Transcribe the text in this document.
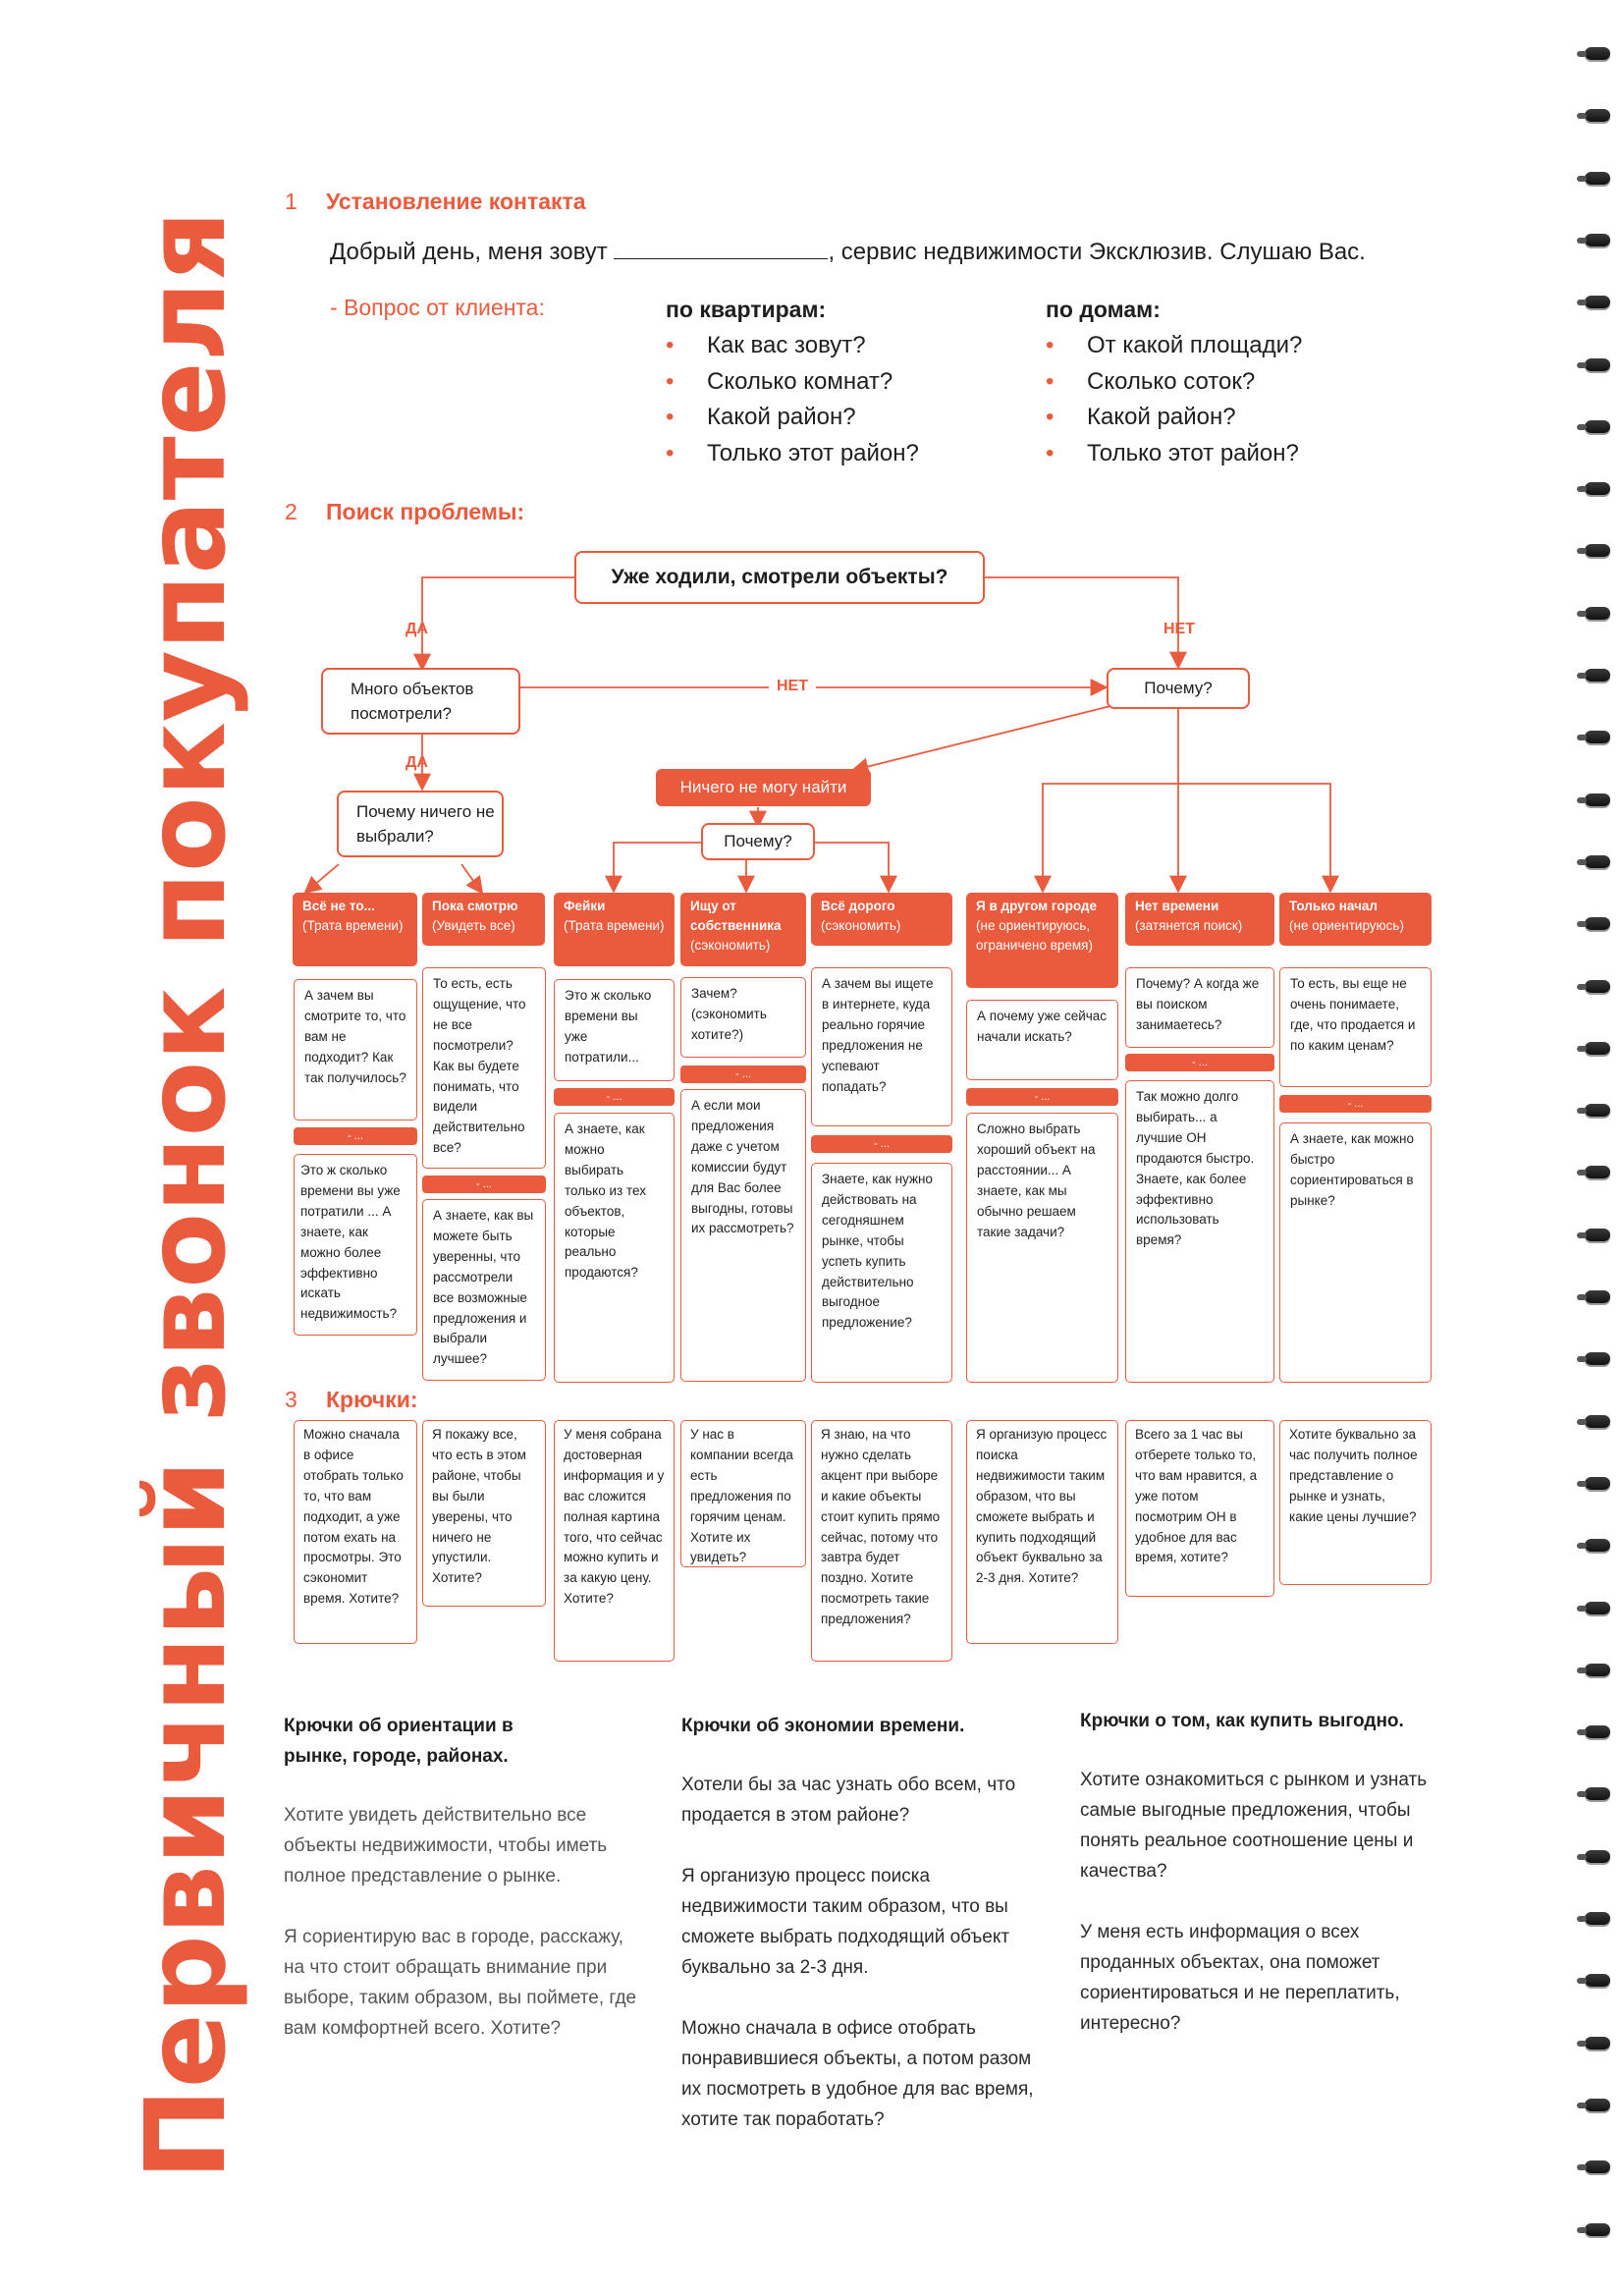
Первичный звонок покупателя
1 Установление контакта
Добрый день, меня зовут	, сервис недвижимости Эксклюзив. Слушаю Вас.
- Вопрос от клиента:	по квартирам:
• Как вас зовут?
• Сколько комнат?
• Какой район?
• Только этот район?
по домам:
• От какой площади?
• Сколько соток?
• Какой район?
• Только этот район?
2 Поиск проблемы:
Уже ходили, смотрели объекты?
ДА	НЕТ
Много объектов посмотрели?
НЕТ	Почему?
ДА
Ничего не могу найти
Почему ничего не выбрали?	Почему?
Всё не то...
(Трата времени)
Пока смотрю
(Увидеть все)
Фейки
(Трата времени)
Ищу от собственника
(сэкономить)
Всё дорого
(сэкономить)
Я в другом городе
(не ориентируюсь, ограничено время)
Нет времени
(затянется поиск)
Только начал
(не ориентируюсь)
А зачем вы смотрите то, что вам не подходит? Как так получилось?
- ...
Это ж сколько времени вы уже потратили ... А знаете, как можно более эффективно искать недвижимость?
То есть, есть ощущение, что не все посмотрели? Как вы будете понимать, что видели действительно все?
- ...
А знаете, как вы можете быть уверенны, что рассмотрели все возможные предложения и выбрали лучшее?
Это ж сколько времени вы уже потратили...
- ...
А знаете, как можно выбирать только из тех объектов, которые реально продаются?
Зачем? (сэкономить хотите?)
- ...
А если мои предложения даже с учетом комиссии будут для Вас более выгодны, готовы их рассмотреть?
А зачем вы ищете в интернете, куда реально горячие предложения не успевают попадать?
- ...
Знаете, как нужно действовать на сегодняшнем рынке, чтобы успеть купить действительно выгодное предложение?
А почему уже сейчас начали искать?
- ...
Сложно выбрать хороший объект на расстоянии... А знаете, как мы обычно решаем такие задачи?
Почему? А когда же вы поиском занимаетесь?
- ...
Так можно долго выбирать... а лучшие ОН продаются быстро. Знаете, как более эффективно использовать время?
То есть, вы еще не очень понимаете, где, что продается и по каким ценам?
- ...
А знаете, как можно быстро сориентироваться в рынке?
3 Крючки:
Можно сначала в офисе отобрать только то, что вам подходит, а уже потом ехать на просмотры. Это сэкономит время. Хотите?
Я покажу все, что есть в этом районе, чтобы вы были уверены, что ничего не упустили. Хотите?
У меня собрана достоверная информация и у вас сложится полная картина того, что сейчас можно купить и за какую цену. Хотите?
У нас в компании всегда есть предложения по горячим ценам. Хотите их увидеть?
Я знаю, на что нужно сделать акцент при выборе и какие объекты стоит купить прямо сейчас, потому что завтра будет поздно. Хотите посмотреть такие предложения?
Я организую процесс поиска недвижимости таким образом, что вы сможете выбрать и купить подходящий объект буквально за 2-3 дня. Хотите?
Всего за 1 час вы отберете только то, что вам нравится, а уже потом посмотрим ОН в удобное для вас время, хотите?
Хотите буквально за час получить полное представление о рынке и узнать, какие цены лучшие?
Крючки об ориентации в рынке, городе, районах.

Хотите увидеть действительно все объекты недвижимости, чтобы иметь полное представление о рынке.

Я сориентирую вас в городе, расскажу, на что стоит обращать внимание при выборе, таким образом, вы поймете, где вам комфортней всего. Хотите?

Крючки об экономии времени.

Хотели бы за час узнать обо всем, что продается в этом районе?

Я организую процесс поиска недвижимости таким образом, что вы сможете выбрать подходящий объект буквально за 2-3 дня.

Можно сначала в офисе отобрать понравившиеся объекты, а потом разом их посмотреть в удобное для вас время, хотите так поработать?

Крючки о том, как купить выгодно.

Хотите ознакомиться с рынком и узнать самые выгодные предложения, чтобы понять реальное соотношение цены и качества?

У меня есть информация о всех проданных объектах, она поможет сориентироваться и не переплатить, интересно?
